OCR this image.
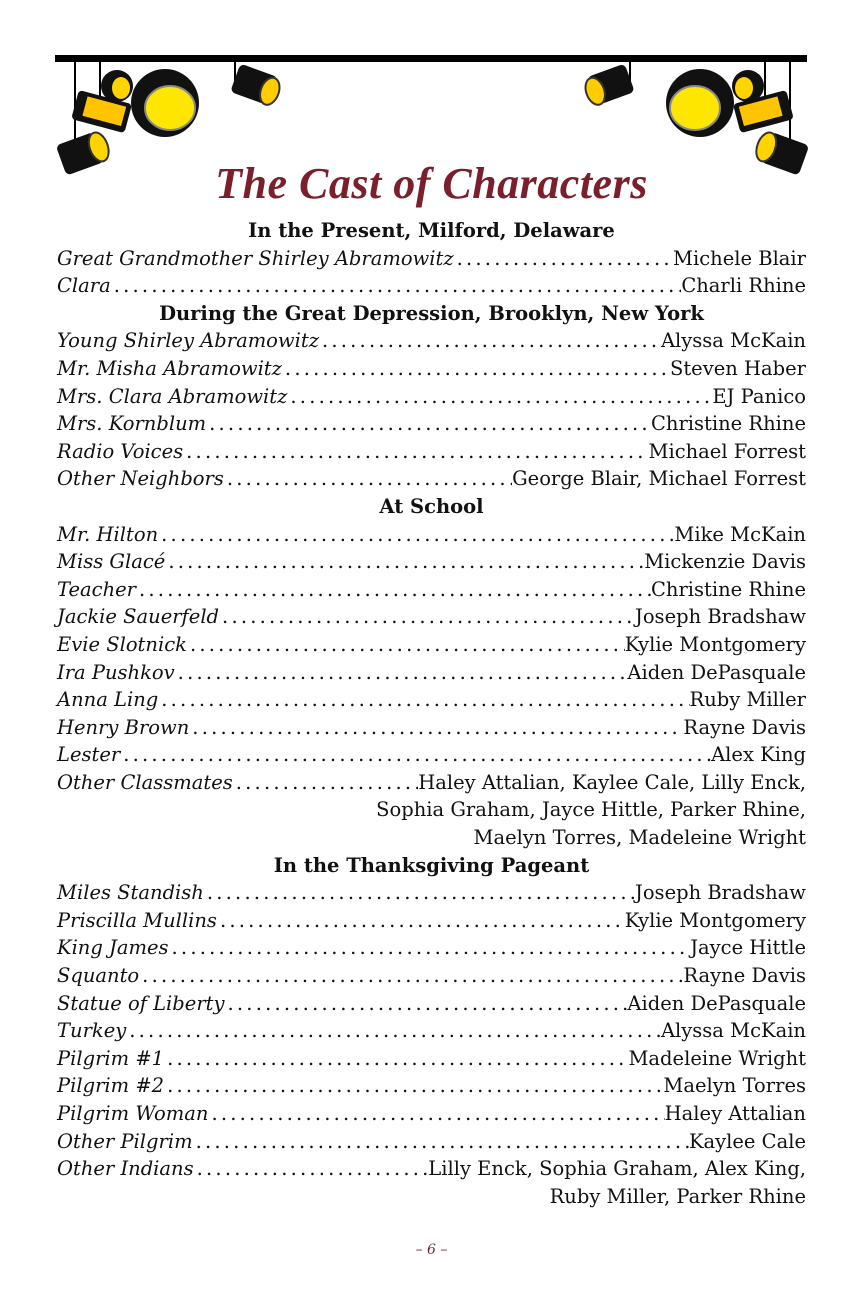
The Cast of Characters
In the Present, Milford, Delaware
Great Grandmother Shirley Abramowitz . . .	Michele Blair
Clara . . .	Charli Rhine
During the Great Depression, Brooklyn, New York
Young Shirley Abramowitz . . .	Alyssa McKain
Mr. Misha Abramowitz . . .	Steven Haber
Mrs. Clara Abramowitz . . .	EJ Panico
Mrs. Kornblum . . .	Christine Rhine
Radio Voices . . .	Michael Forrest
Other Neighbors . . .	George Blair, Michael Forrest
At School
Mr. Hilton . . .	Mike McKain
Miss Glacé . . .	Mickenzie Davis
Teacher . . .	Christine Rhine
Jackie Sauerfeld . . .	Joseph Bradshaw
Evie Slotnick . . .	Kylie Montgomery
Ira Pushkov . . .	Aiden DePasquale
Anna Ling . . .	Ruby Miller
Henry Brown . . .	Rayne Davis
Lester . . .	Alex King
Other Classmates . . .	Haley Attalian, Kaylee Cale, Lilly Enck,
Sophia Graham, Jayce Hittle, Parker Rhine,
Maelyn Torres, Madeleine Wright
In the Thanksgiving Pageant
Miles Standish . . .	Joseph Bradshaw
Priscilla Mullins . . .	Kylie Montgomery
King James . . .	Jayce Hittle
Squanto . . .	Rayne Davis
Statue of Liberty . . .	Aiden DePasquale
Turkey . . .	Alyssa McKain
Pilgrim #1 . . .	Madeleine Wright
Pilgrim #2 . . .	Maelyn Torres
Pilgrim Woman . . .	Haley Attalian
Other Pilgrim . . .	Kaylee Cale
Other Indians . . .	Lilly Enck, Sophia Graham, Alex King,
Ruby Miller, Parker Rhine
– 6 –
